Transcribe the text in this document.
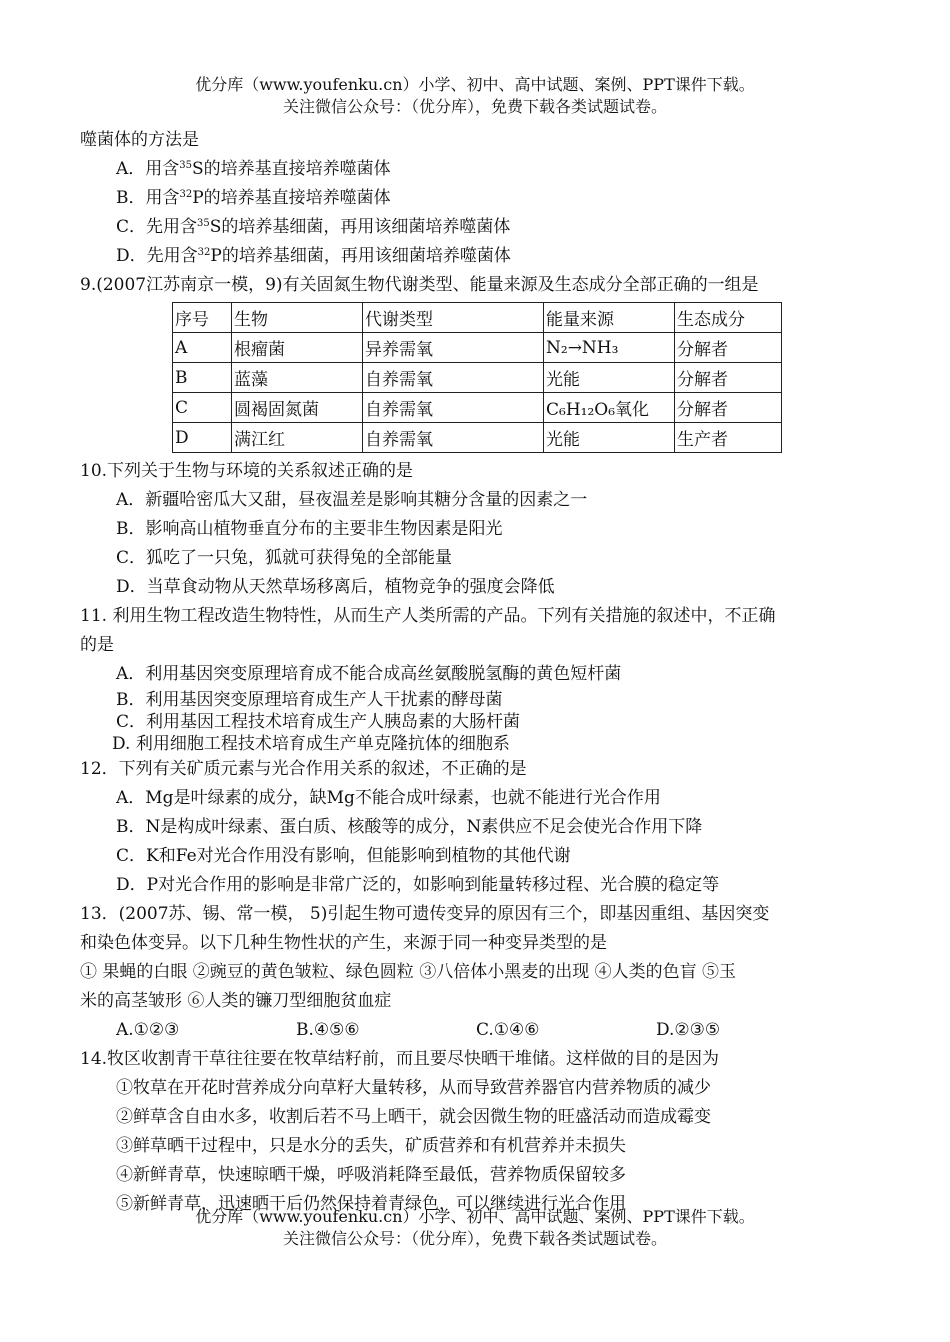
优分库（www.youfenku.cn）小学、初中、高中试题、案例、PPT课件下载。
关注微信公众号：（优分库），免费下载各类试题试卷。
噬菌体的方法是
A．用含$^{35}$S的培养基直接培养噬菌体
B．用含$^{32}$P的培养基直接培养噬菌体
C．先用含$^{35}$S的培养基细菌，再用该细菌培养噬菌体
D．先用含$^{32}$P的培养基细菌，再用该细菌培养噬菌体
9.(2007江苏南京一模，9)有关固氮生物代谢类型、能量来源及生态成分全部正确的一组是
序号	生物	代谢类型	能量来源	生态成分
A	根瘤菌	异养需氧	N₂→NH₃	分解者
B	蓝藻	自养需氧	光能	分解者
C	圆褐固氮菌	自养需氧	C₆H₁₂O₆氧化	分解者
D	满江红	自养需氧	光能	生产者
10.下列关于生物与环境的关系叙述正确的是
A．新疆哈密瓜大又甜，昼夜温差是影响其糖分含量的因素之一
B．影响高山植物垂直分布的主要非生物因素是阳光
C．狐吃了一只兔，狐就可获得兔的全部能量
D．当草食动物从天然草场移离后，植物竞争的强度会降低
11. 利用生物工程改造生物特性，从而生产人类所需的产品。下列有关措施的叙述中，不正确
的是
A．利用基因突变原理培育成不能合成高丝氨酸脱氢酶的黄色短杆菌
B．利用基因突变原理培育成生产人干扰素的酵母菌
C．利用基因工程技术培育成生产人胰岛素的大肠杆菌
D. 利用细胞工程技术培育成生产单克隆抗体的细胞系
12．下列有关矿质元素与光合作用关系的叙述，不正确的是
A．Mg是叶绿素的成分，缺Mg不能合成叶绿素，也就不能进行光合作用
B．N是构成叶绿素、蛋白质、核酸等的成分，N素供应不足会使光合作用下降
C．K和Fe对光合作用没有影响，但能影响到植物的其他代谢
D．P对光合作用的影响是非常广泛的，如影响到能量转移过程、光合膜的稳定等
13．(2007苏、锡、常一模， 5)引起生物可遗传变异的原因有三个，即基因重组、基因突变
和染色体变异。以下几种生物性状的产生，来源于同一种变异类型的是
① 果蝇的白眼 ②豌豆的黄色皱粒、绿色圆粒 ③八倍体小黑麦的出现 ④人类的色盲 ⑤玉
米的高茎皱形 ⑥人类的镰刀型细胞贫血症
A.①②③	B.④⑤⑥	C.①④⑥	D.②③⑤
14.牧区收割青干草往往要在牧草结籽前，而且要尽快晒干堆储。这样做的目的是因为
①牧草在开花时营养成分向草籽大量转移，从而导致营养器官内营养物质的减少
②鲜草含自由水多，收割后若不马上晒干，就会因微生物的旺盛活动而造成霉变
③鲜草晒干过程中，只是水分的丢失，矿质营养和有机营养并未损失
④新鲜青草，快速晾晒干燥，呼吸消耗降至最低，营养物质保留较多
⑤新鲜青草，迅速晒干后仍然保持着青绿色，可以继续进行光合作用
优分库（www.youfenku.cn）小学、初中、高中试题、案例、PPT课件下载。
关注微信公众号：（优分库），免费下载各类试题试卷。
